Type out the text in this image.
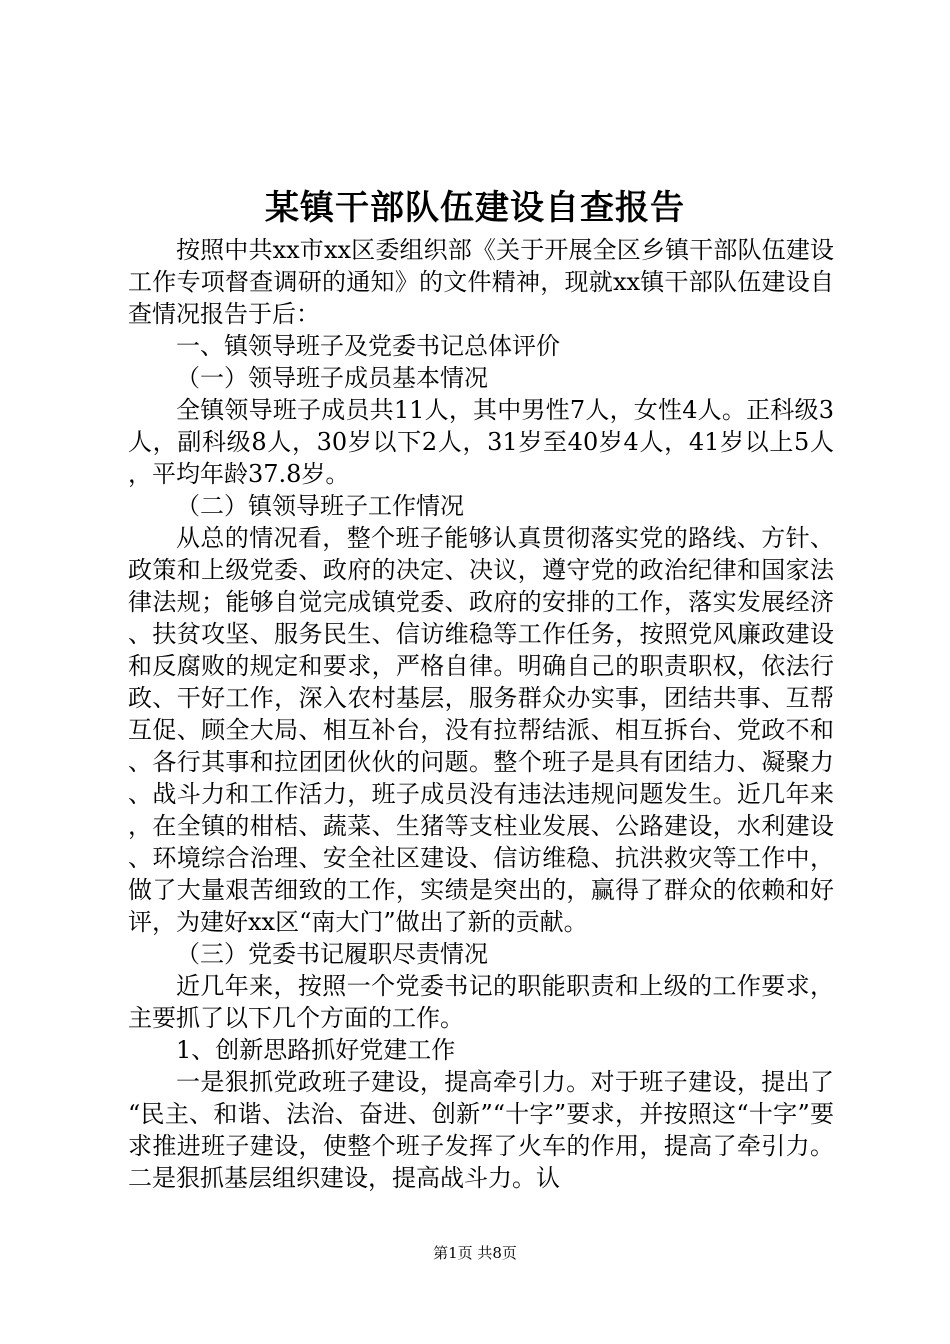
某镇干部队伍建设自查报告

按照中共xx市xx区委组织部《关于开展全区乡镇干部队伍建设工作专项督查调研的通知》的文件精神，现就xx镇干部队伍建设自查情况报告于后：

一、镇领导班子及党委书记总体评价

（一）领导班子成员基本情况

全镇领导班子成员共11人，其中男性7人，女性4人。正科级3人，副科级8人，30岁以下2人，31岁至40岁4人，41岁以上5人，平均年龄37.8岁。

（二）镇领导班子工作情况

从总的情况看，整个班子能够认真贯彻落实党的路线、方针、政策和上级党委、政府的决定、决议，遵守党的政治纪律和国家法律法规；能够自觉完成镇党委、政府的安排的工作，落实发展经济、扶贫攻坚、服务民生、信访维稳等工作任务，按照党风廉政建设和反腐败的规定和要求，严格自律。明确自己的职责职权，依法行政、干好工作，深入农村基层，服务群众办实事，团结共事、互帮互促、顾全大局、相互补台，没有拉帮结派、相互拆台、党政不和、各行其事和拉团团伙伙的问题。整个班子是具有团结力、凝聚力、战斗力和工作活力，班子成员没有违法违规问题发生。近几年来，在全镇的柑桔、蔬菜、生猪等支柱业发展、公路建设，水利建设、环境综合治理、安全社区建设、信访维稳、抗洪救灾等工作中，做了大量艰苦细致的工作，实绩是突出的，赢得了群众的依赖和好评，为建好xx区“南大门”做出了新的贡献。

（三）党委书记履职尽责情况

近几年来，按照一个党委书记的职能职责和上级的工作要求，主要抓了以下几个方面的工作。

1、创新思路抓好党建工作

一是狠抓党政班子建设，提高牵引力。对于班子建设，提出了“民主、和谐、法治、奋进、创新”“十字”要求，并按照这“十字”要求推进班子建设，使整个班子发挥了火车的作用，提高了牵引力。二是狠抓基层组织建设，提高战斗力。认

第1页 共8页
